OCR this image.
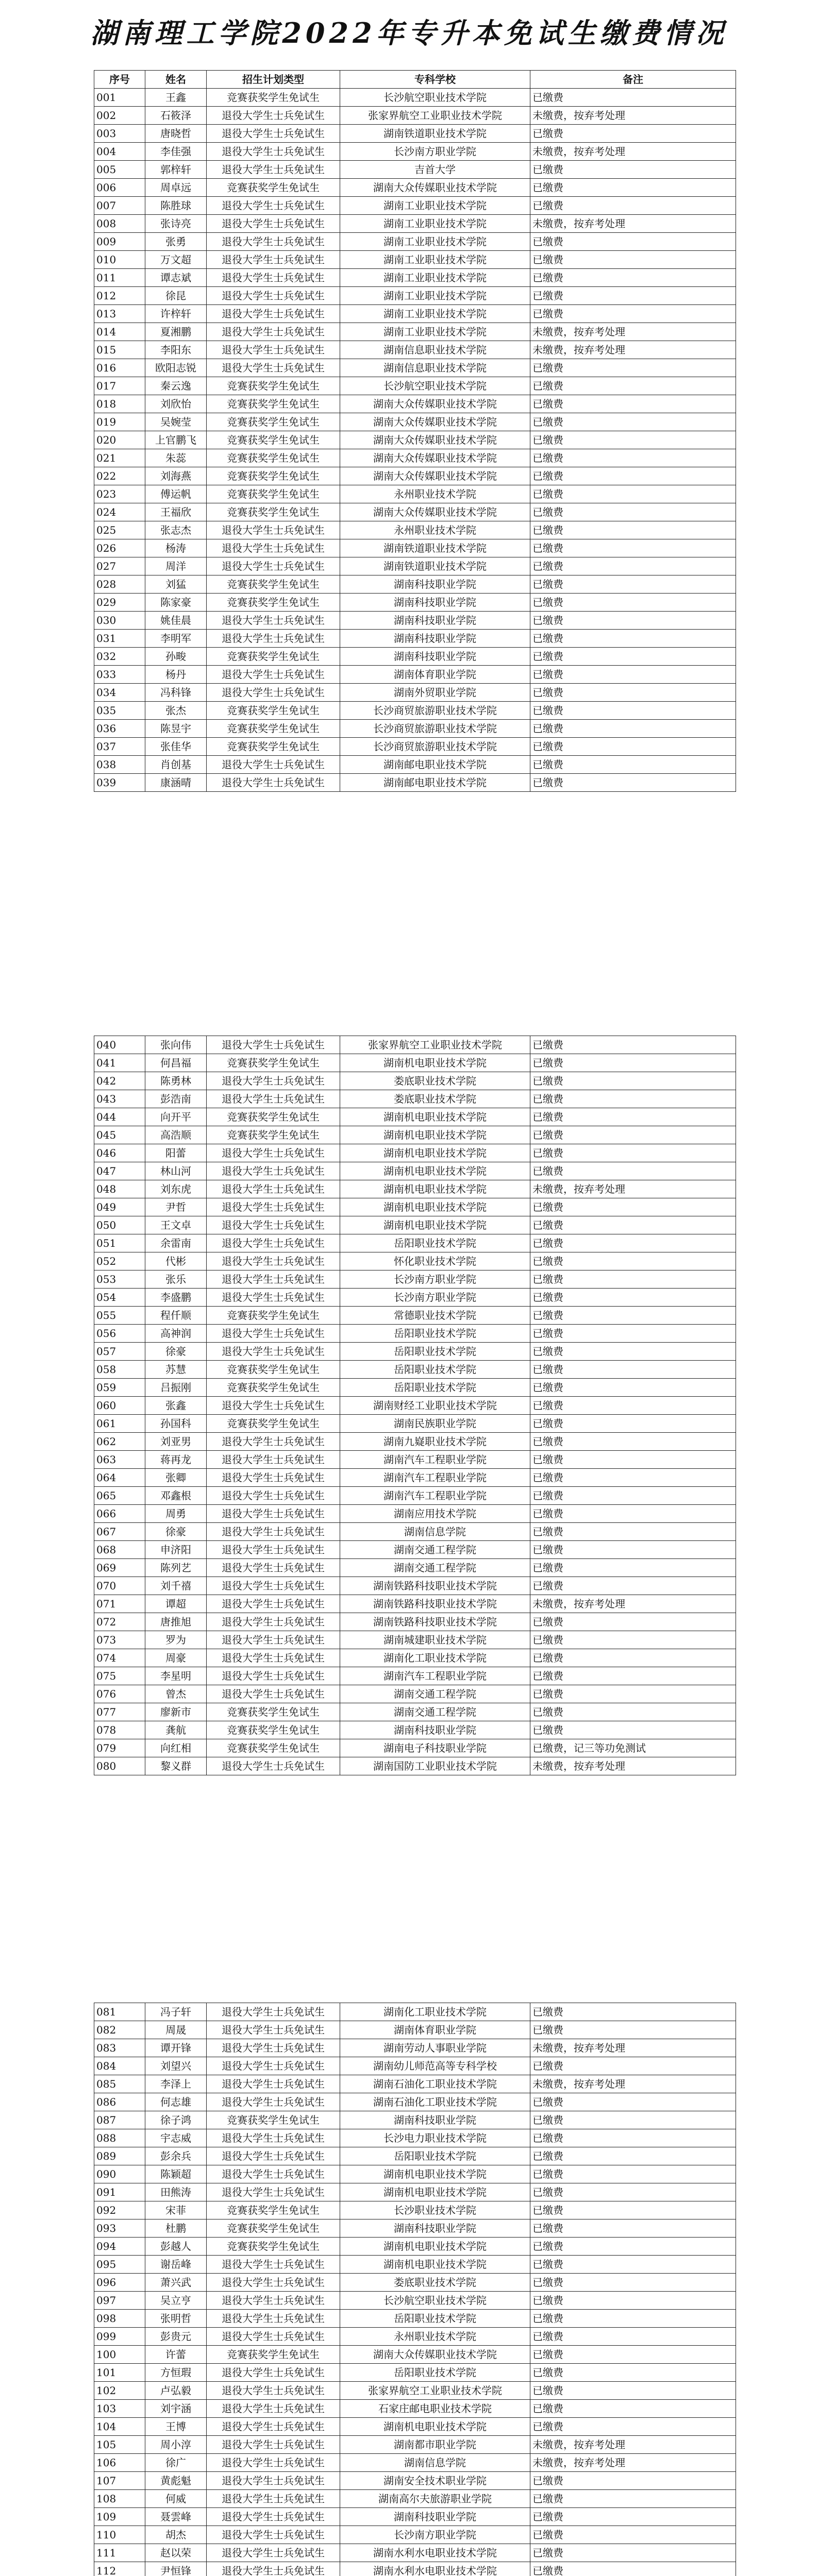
湖南理工学院2022年专升本免试生缴费情况
序号	姓名	招生计划类型	专科学校	备注
001	王鑫	竞赛获奖学生免试生	长沙航空职业技术学院	已缴费
002	石筱泽	退役大学生士兵免试生	张家界航空工业职业技术学院	未缴费，按弃考处理
003	唐晓哲	退役大学生士兵免试生	湖南铁道职业技术学院	已缴费
004	李佳强	退役大学生士兵免试生	长沙南方职业学院	未缴费，按弃考处理
005	郭梓轩	退役大学生士兵免试生	吉首大学	已缴费
006	周卓远	竞赛获奖学生免试生	湖南大众传媒职业技术学院	已缴费
007	陈胜球	退役大学生士兵免试生	湖南工业职业技术学院	已缴费
008	张诗亮	退役大学生士兵免试生	湖南工业职业技术学院	未缴费，按弃考处理
009	张勇	退役大学生士兵免试生	湖南工业职业技术学院	已缴费
010	万文超	退役大学生士兵免试生	湖南工业职业技术学院	已缴费
011	谭志斌	退役大学生士兵免试生	湖南工业职业技术学院	已缴费
012	徐昆	退役大学生士兵免试生	湖南工业职业技术学院	已缴费
013	许梓轩	退役大学生士兵免试生	湖南工业职业技术学院	已缴费
014	夏湘鹏	退役大学生士兵免试生	湖南工业职业技术学院	未缴费，按弃考处理
015	李阳东	退役大学生士兵免试生	湖南信息职业技术学院	未缴费，按弃考处理
016	欧阳志锐	退役大学生士兵免试生	湖南信息职业技术学院	已缴费
017	秦云逸	竞赛获奖学生免试生	长沙航空职业技术学院	已缴费
018	刘欣怡	竞赛获奖学生免试生	湖南大众传媒职业技术学院	已缴费
019	吴婉莹	竞赛获奖学生免试生	湖南大众传媒职业技术学院	已缴费
020	上官鹏飞	竞赛获奖学生免试生	湖南大众传媒职业技术学院	已缴费
021	朱蕊	竞赛获奖学生免试生	湖南大众传媒职业技术学院	已缴费
022	刘海燕	竞赛获奖学生免试生	湖南大众传媒职业技术学院	已缴费
023	傅运帆	竞赛获奖学生免试生	永州职业技术学院	已缴费
024	王福欣	竞赛获奖学生免试生	湖南大众传媒职业技术学院	已缴费
025	张志杰	退役大学生士兵免试生	永州职业技术学院	已缴费
026	杨涛	退役大学生士兵免试生	湖南铁道职业技术学院	已缴费
027	周洋	退役大学生士兵免试生	湖南铁道职业技术学院	已缴费
028	刘猛	竞赛获奖学生免试生	湖南科技职业学院	已缴费
029	陈家豪	竞赛获奖学生免试生	湖南科技职业学院	已缴费
030	姚佳晨	退役大学生士兵免试生	湖南科技职业学院	已缴费
031	李明军	退役大学生士兵免试生	湖南科技职业学院	已缴费
032	孙畯	竞赛获奖学生免试生	湖南科技职业学院	已缴费
033	杨丹	退役大学生士兵免试生	湖南体育职业学院	已缴费
034	冯科锋	退役大学生士兵免试生	湖南外贸职业学院	已缴费
035	张杰	竞赛获奖学生免试生	长沙商贸旅游职业技术学院	已缴费
036	陈昱宇	竞赛获奖学生免试生	长沙商贸旅游职业技术学院	已缴费
037	张佳华	竞赛获奖学生免试生	长沙商贸旅游职业技术学院	已缴费
038	肖创基	退役大学生士兵免试生	湖南邮电职业技术学院	已缴费
039	康涵晴	退役大学生士兵免试生	湖南邮电职业技术学院	已缴费
040	张向伟	退役大学生士兵免试生	张家界航空工业职业技术学院	已缴费
041	何昌福	竞赛获奖学生免试生	湖南机电职业技术学院	已缴费
042	陈勇林	退役大学生士兵免试生	娄底职业技术学院	已缴费
043	彭浩南	退役大学生士兵免试生	娄底职业技术学院	已缴费
044	向开平	竞赛获奖学生免试生	湖南机电职业技术学院	已缴费
045	高浩顺	竞赛获奖学生免试生	湖南机电职业技术学院	已缴费
046	阳蕾	退役大学生士兵免试生	湖南机电职业技术学院	已缴费
047	林山河	退役大学生士兵免试生	湖南机电职业技术学院	已缴费
048	刘东虎	退役大学生士兵免试生	湖南机电职业技术学院	未缴费，按弃考处理
049	尹哲	退役大学生士兵免试生	湖南机电职业技术学院	已缴费
050	王文卓	退役大学生士兵免试生	湖南机电职业技术学院	已缴费
051	余雷南	退役大学生士兵免试生	岳阳职业技术学院	已缴费
052	代彬	退役大学生士兵免试生	怀化职业技术学院	已缴费
053	张乐	退役大学生士兵免试生	长沙南方职业学院	已缴费
054	李盛鹏	退役大学生士兵免试生	长沙南方职业学院	已缴费
055	程仟顺	竞赛获奖学生免试生	常德职业技术学院	已缴费
056	高神润	退役大学生士兵免试生	岳阳职业技术学院	已缴费
057	徐豪	退役大学生士兵免试生	岳阳职业技术学院	已缴费
058	苏慧	竞赛获奖学生免试生	岳阳职业技术学院	已缴费
059	吕振刚	竞赛获奖学生免试生	岳阳职业技术学院	已缴费
060	张鑫	退役大学生士兵免试生	湖南财经工业职业技术学院	已缴费
061	孙国科	竞赛获奖学生免试生	湖南民族职业学院	已缴费
062	刘亚男	退役大学生士兵免试生	湖南九嶷职业技术学院	已缴费
063	蒋再龙	退役大学生士兵免试生	湖南汽车工程职业学院	已缴费
064	张卿	退役大学生士兵免试生	湖南汽车工程职业学院	已缴费
065	邓鑫根	退役大学生士兵免试生	湖南汽车工程职业学院	已缴费
066	周勇	退役大学生士兵免试生	湖南应用技术学院	已缴费
067	徐豪	退役大学生士兵免试生	湖南信息学院	已缴费
068	申济阳	退役大学生士兵免试生	湖南交通工程学院	已缴费
069	陈列艺	退役大学生士兵免试生	湖南交通工程学院	已缴费
070	刘千禧	退役大学生士兵免试生	湖南铁路科技职业技术学院	已缴费
071	谭超	退役大学生士兵免试生	湖南铁路科技职业技术学院	未缴费，按弃考处理
072	唐推旭	退役大学生士兵免试生	湖南铁路科技职业技术学院	已缴费
073	罗为	退役大学生士兵免试生	湖南城建职业技术学院	已缴费
074	周豪	退役大学生士兵免试生	湖南化工职业技术学院	已缴费
075	李星明	退役大学生士兵免试生	湖南汽车工程职业学院	已缴费
076	曾杰	退役大学生士兵免试生	湖南交通工程学院	已缴费
077	廖新市	竞赛获奖学生免试生	湖南交通工程学院	已缴费
078	龚航	竞赛获奖学生免试生	湖南科技职业学院	已缴费
079	向红相	竞赛获奖学生免试生	湖南电子科技职业学院	已缴费，记三等功免测试
080	黎义群	退役大学生士兵免试生	湖南国防工业职业技术学院	未缴费，按弃考处理
081	冯子轩	退役大学生士兵免试生	湖南化工职业技术学院	已缴费
082	周晟	退役大学生士兵免试生	湖南体育职业学院	已缴费
083	谭开锋	退役大学生士兵免试生	湖南劳动人事职业学院	未缴费，按弃考处理
084	刘望兴	退役大学生士兵免试生	湖南幼儿师范高等专科学校	已缴费
085	李泽上	退役大学生士兵免试生	湖南石油化工职业技术学院	未缴费，按弃考处理
086	何志雄	退役大学生士兵免试生	湖南石油化工职业技术学院	已缴费
087	徐子鸿	竞赛获奖学生免试生	湖南科技职业学院	已缴费
088	宇志威	退役大学生士兵免试生	长沙电力职业技术学院	已缴费
089	彭余兵	退役大学生士兵免试生	岳阳职业技术学院	已缴费
090	陈颖超	退役大学生士兵免试生	湖南机电职业技术学院	已缴费
091	田熊涛	退役大学生士兵免试生	湖南机电职业技术学院	已缴费
092	宋菲	竞赛获奖学生免试生	长沙职业技术学院	已缴费
093	杜鹏	竞赛获奖学生免试生	湖南科技职业学院	已缴费
094	彭越人	竞赛获奖学生免试生	湖南机电职业技术学院	已缴费
095	谢岳峰	退役大学生士兵免试生	湖南机电职业技术学院	已缴费
096	萧兴武	退役大学生士兵免试生	娄底职业技术学院	已缴费
097	吴立亨	退役大学生士兵免试生	长沙航空职业技术学院	已缴费
098	张明哲	退役大学生士兵免试生	岳阳职业技术学院	已缴费
099	彭贵元	退役大学生士兵免试生	永州职业技术学院	已缴费
100	许蕾	竞赛获奖学生免试生	湖南大众传媒职业技术学院	已缴费
101	方恒瑕	退役大学生士兵免试生	岳阳职业技术学院	已缴费
102	卢弘毅	退役大学生士兵免试生	张家界航空工业职业技术学院	已缴费
103	刘宇涵	退役大学生士兵免试生	石家庄邮电职业技术学院	已缴费
104	王博	退役大学生士兵免试生	湖南机电职业技术学院	已缴费
105	周小淳	退役大学生士兵免试生	湖南都市职业学院	未缴费，按弃考处理
106	徐广	退役大学生士兵免试生	湖南信息学院	未缴费，按弃考处理
107	黄彪魁	退役大学生士兵免试生	湖南安全技术职业学院	已缴费
108	何威	退役大学生士兵免试生	湖南高尔夫旅游职业学院	已缴费
109	聂雲峰	退役大学生士兵免试生	湖南科技职业学院	已缴费
110	胡杰	退役大学生士兵免试生	长沙南方职业学院	已缴费
111	赵以荣	退役大学生士兵免试生	湖南水利水电职业技术学院	已缴费
112	尹恒锋	退役大学生士兵免试生	湖南水利水电职业技术学院	已缴费
